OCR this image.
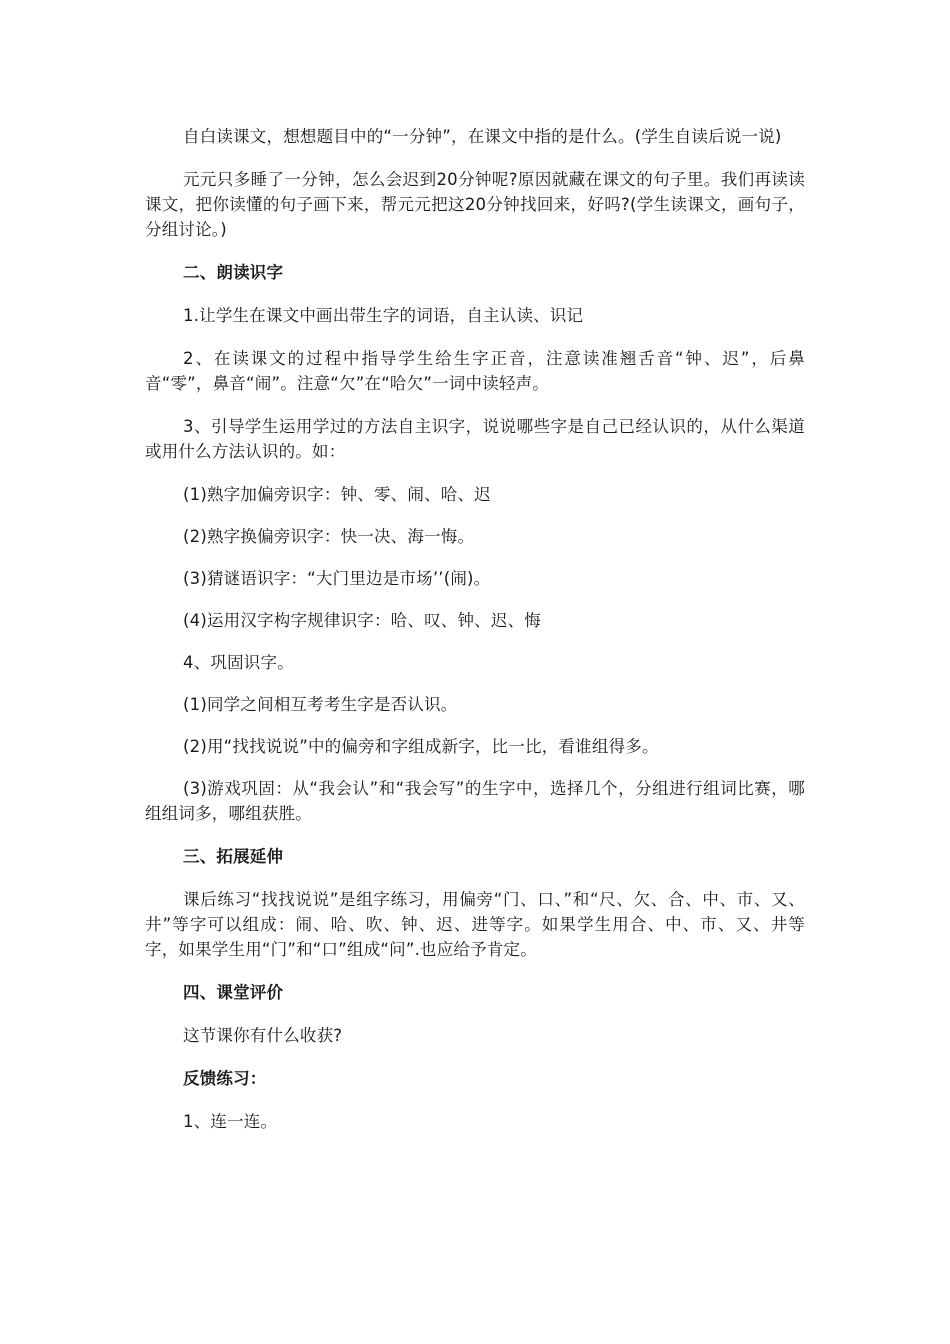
自白读课文，想想题目中的“一分钟”，在课文中指的是什么。(学生自读后说一说)

元元只多睡了一分钟，怎么会迟到20分钟呢?原因就藏在课文的句子里。我们再读读课文，把你读懂的句子画下来，帮元元把这20分钟找回来，好吗?(学生读课文，画句子，分组讨论。)

二、朗读识字

1.让学生在课文中画出带生字的词语，自主认读、识记

2、在读课文的过程中指导学生给生字正音，注意读准翘舌音“钟、迟”，后鼻音“零”，鼻音“闹”。注意“欠”在“哈欠”一词中读轻声。

3、引导学生运用学过的方法自主识字，说说哪些字是自己已经认识的，从什么渠道或用什么方法认识的。如：

(1)熟字加偏旁识字：钟、零、闹、哈、迟

(2)熟字换偏旁识字：快一决、海一悔。

(3)猜谜语识字：“大门里边是市场’’(闹)。

(4)运用汉字构字规律识字：哈、叹、钟、迟、悔

4、巩固识字。

(1)同学之间相互考考生字是否认识。

(2)用“找找说说”中的偏旁和字组成新字，比一比，看谁组得多。

(3)游戏巩固：从“我会认”和“我会写”的生字中，选择几个，分组进行组词比赛，哪组组词多，哪组获胜。

三、拓展延伸

课后练习“找找说说”是组字练习，用偏旁“门、口、”和“尺、欠、合、中、市、又、井”等字可以组成：闹、哈、吹、钟、迟、进等字。如果学生用合、中、市、又、井等字，如果学生用“门”和“口”组成“问”.也应给予肯定。

四、课堂评价

这节课你有什么收获?

反馈练习：

1、连一连。
